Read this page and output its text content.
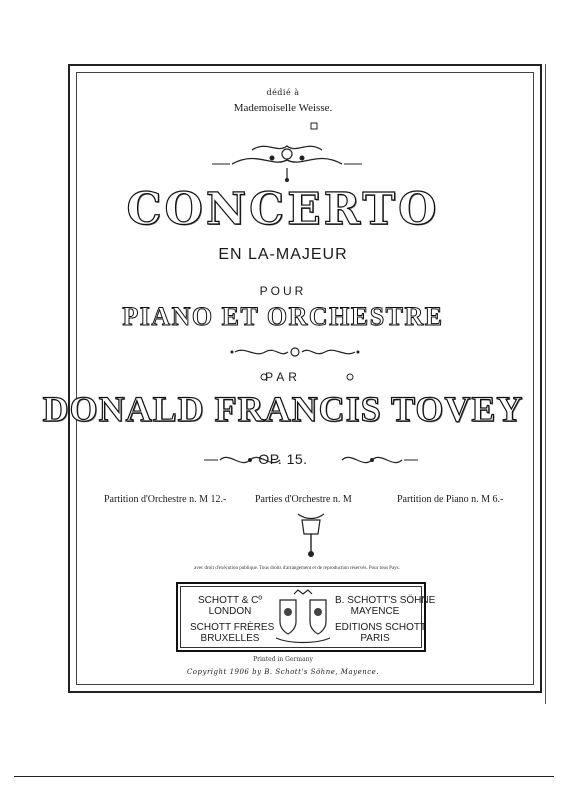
dédié à
Mademoiselle Weisse.
CONCERTO
EN LA-MAJEUR
POUR
PIANO ET ORCHESTRE
PAR
DONALD FRANCIS TOVEY
OP. 15.
Partition d'Orchestre n. M 12.-	Parties d'Orchestre n. M	Partition de Piano n. M 6.-
avec droit d'exécution publique. Tous droits d'arrangement et de reproduction réservés. Pour tous Pays.
SCHOTT & Cº
LONDON
SCHOTT FRÈRES
BRUXELLES
B. SCHOTT'S SÖHNE
MAYENCE
EDITIONS SCHOTT
PARIS
Printed in Germany
Copyright 1906 by B. Schott's Söhne, Mayence.
